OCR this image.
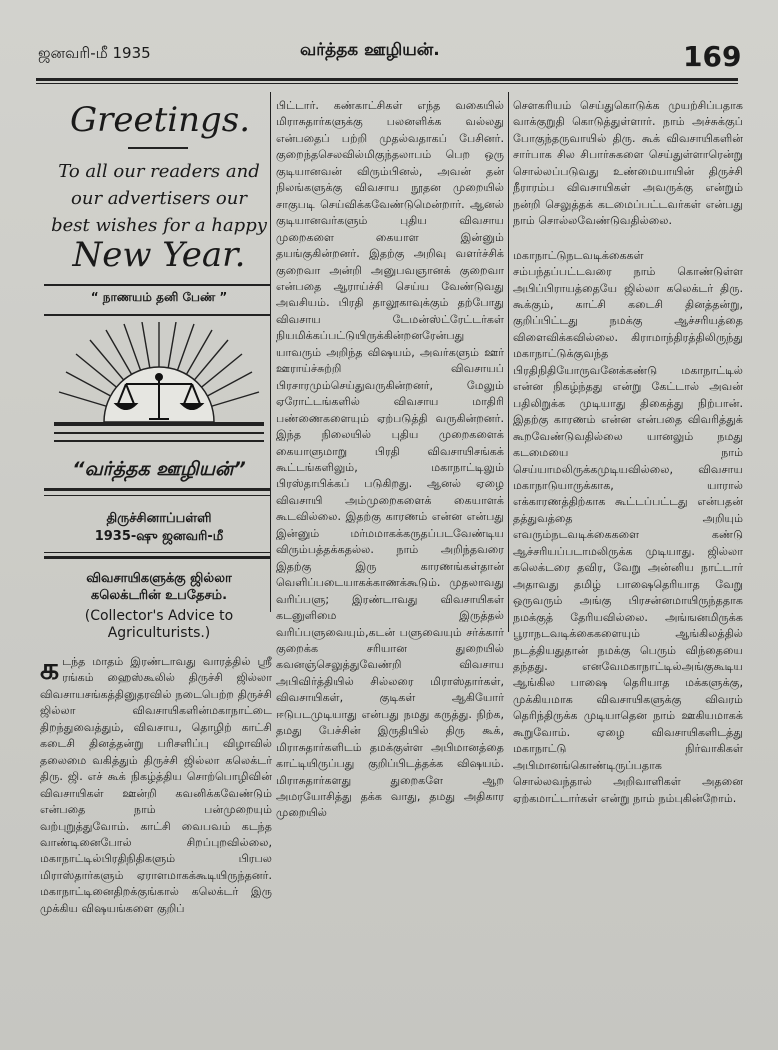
ஜனவரி-மீ 1935	வர்த்தக ஊழியன்.	169
Greetings.
To all our readers and
our advertisers our
best wishes for a happy
New Year.
“ நாணயம் தனி பேண் ”
“வர்த்தக ஊழியன்”
திருச்சினாப்பள்ளி
1935-ஷு ஜனவரி-மீ
விவசாயிகளுக்கு ஜில்லா
கலெக்டரின் உபதேசம்.
(Collector's Advice to
Agriculturists.)
க டந்த மாதம் இரண்டாவது வாரத்தில் ஸ்ரீ ரங்கம் ஹைஸ்கூலில் திருச்சி ஜில்லா விவசாயசங்கத்தினுதரவில் நடைபெற்ற திருச்சி ஜில்லா விவசாயிகளின்மகாநாட்டை திறந்துவைத்தும், விவசாய, தொழிற் காட்சி கடைசி தினத்தன்று பரிசளிப்பு விழாவில் தலைமை வகித்தும் திருச்சி ஜில்லா கலெக்டர் திரு. ஜி. எச் கூக் நிகழ்த்திய சொற்பொழிவின் விவசாயிகள் ஊன்றி கவனிக்கவேண்டும் என்பதை நாம் பன்முறையும் வற்புறுத்துவோம். காட்சி வைபவம் கடந்த வாண்டினைபோல் சிறப்புறவில்லை, மகாநாட்டில்பிரதிநிதிகளும் பிரபல மிராஸ்தார்களும் ஏராளமாகக்கூடியிருந்தனர். மகாநாட்டினைதிறக்குங்கால் கலெக்டர் இரு முக்கிய விஷயங்களை குறிப்

பிட்டார். கண்காட்சிகள் எந்த வகையில் மிராசுதார்களுக்கு பலனளிக்க வல்லது என்பதைப் பற்றி முதல்வதாகப் பேசினர். குறைந்தசெலவில்மிகுந்தலாபம் பெற ஒரு குடியானவன் விரும்பினல், அவன் தன் நிலங்களுக்கு விவசாய நூதன முறையில் சாகுபடி செய்விக்கவேண்டுமென்றார். ஆனல் குடியானவர்களும் புதிய விவசாய முறைகளை கையாள இன்னும் தயங்குகின்றனர். இதற்கு அறிவு வளர்ச்சிக் குறைவா அன்றி அனுபவஞானக் குறைவா என்பதை ஆராய்ச்சி செய்ய வேண்டுவது அவசியம். பிரதி தாலூகாவுக்கும் தற்போது விவசாய டேமன்ஸ்ட்ரேட்டர்கள் நியமிக்கப்பட்டுயிருக்கின்றனரேன்பது யாவரும் அறிந்த விஷயம், அவர்களும் ஊர் ஊராய்ச்சுற்றி விவசாயப் பிரசாரமும்செய்துவருகின்றனர், மேலும் ஏரோட்டங்களில் விவசாய மாதிரி பண்ணைகளையும் ஏற்படுத்தி வருகின்றனர். இந்த நிலையில் புதிய முறைகளைக் கையாளுமாறு பிரதி விவசாயிசங்கக் கூட்டங்களிலும், மகாநாட்டிலும் பிரஸ்தாபிக்கப் படுகிறது. ஆனல் ஏழை விவசாயி அம்முறைகளைக் கையாளக் கூடவில்லை. இதற்கு காரணம் என்ன என்பது இன்னும் மர்மமாகக்கருதப்படவேண்டிய விரும்பத்தக்கதல்ல. நாம் அறிந்தவரை இதற்கு இரு காரணங்கள்தான் வெளிப்படையாகக்காணக்கூடும். முதலாவது வரிப்பளு; இரண்டாவது விவசாயிகள் கடனுளிமை இருத்தல் வரிப்பளுவையும்,கடன் பளுவையும் சர்க்கார் குறைக்க சரியான துறையில் கவனஞ்செலுத்துவேண்றி விவசாய அபிவிர்த்தியில் சில்லரை மிராஸ்தார்கள், விவசாயிகள், குடிகள் ஆகியோர் ஈடுபடமுடியாது என்பது நமது கருத்து. நிற்க, தமது பேச்சின் இருதியில் திரு கூக், மிராசுதார்களிடம் தமக்குள்ள அபிமானத்தை காட்டியிருப்பது குறிப்பிடத்தக்க விஷயம். மிராசுதார்களது துறைகளே ஆற அமரயோசித்து தக்க வாது, தமது அதிகார முறையில்

சௌகரியம் செய்துகொடுக்க முயற்சிப்பதாக வாக்குறுதி கொடுத்துள்ளார். நாம் அச்சுக்குப் போகுந்தருவாயில் திரு. கூக் விவசாயிகளின் சார்பாக சில சிபார்சுகளை செய்துள்ளாரென்று சொல்லப்படுவது உண்மையாயின் திருச்சி நீராரம்ப விவசாயிகள் அவருக்கு என்றும் நன்றி செலுத்தக் கடமைப்பட்டவர்கள் என்பது நாம் சொல்லவேண்டுவதில்லை.

மகாநாட்டுநடவடிக்கைகள் சம்பந்தப்பட்டவரை நாம் கொண்டுள்ள அபிப்பிராயத்தையே ஜில்லா கலெக்டர் திரு. கூக்கும், காட்சி கடைசி தினத்தன்று, குறிப்பிட்டது நமக்கு ஆச்சரியத்தை விளைவிக்கவில்லை. கிராமாந்திரத்திலிருந்து மகாநாட்டுக்குவந்த பிரதிநிதியோருவனேக்கண்டு மகாநாட்டில் என்ன நிகழ்ந்தது என்று கேட்டால் அவன் பதிலிறுக்க முடியாது திகைத்து நிற்பான். இதற்கு காரணம் என்ன என்பதை விவரித்துக் கூறவேண்டுவதில்லை யானலும் நமது கடமையை நாம் செய்யாமலிருக்கமுடியவில்லை, விவசாய மகாநாடுயாருக்காக, யாரால் எக்காரணத்திற்காக கூட்டப்பட்டது என்பதன் தத்துவத்தை அறியும் எவரும்நடவடிக்கைகளை கண்டு ஆச்சரியப்படாமலிருக்க முடியாது. ஜில்லா கலெக்டரை தவிர, வேறு அன்னிய நாட்டார் அதாவது தமிழ் பாஷைதெரியாத வேறு ஒருவரும் அங்கு பிரசன்னமாயிருந்ததாக நமக்குத் தேரியவில்லை. அங்ஙனமிருக்க பூராநடவடிக்கைகளையும் ஆங்கிலத்தில் நடத்தியதுதான் நமக்கு பெரும் விந்தையை தந்தது. எனவேமகாநாட்டில்அங்குகூடிய ஆங்கில பாஷை தெரியாத மக்களுக்கு, முக்கியமாக விவசாயிகளுக்கு விவரம் தெரிந்திருக்க முடியாதென நாம் ஊகியமாகக் கூறுவோம். ஏழை விவசாயிகளிடத்து மகாநாட்டு நிர்வாகிகள் அபிமானங்கொண்டிருப்பதாக சொல்லவந்தால் அறிவாளிகள் அதனை ஏற்கமாட்டார்கள் என்று நாம் நம்புகின்றோம்.
